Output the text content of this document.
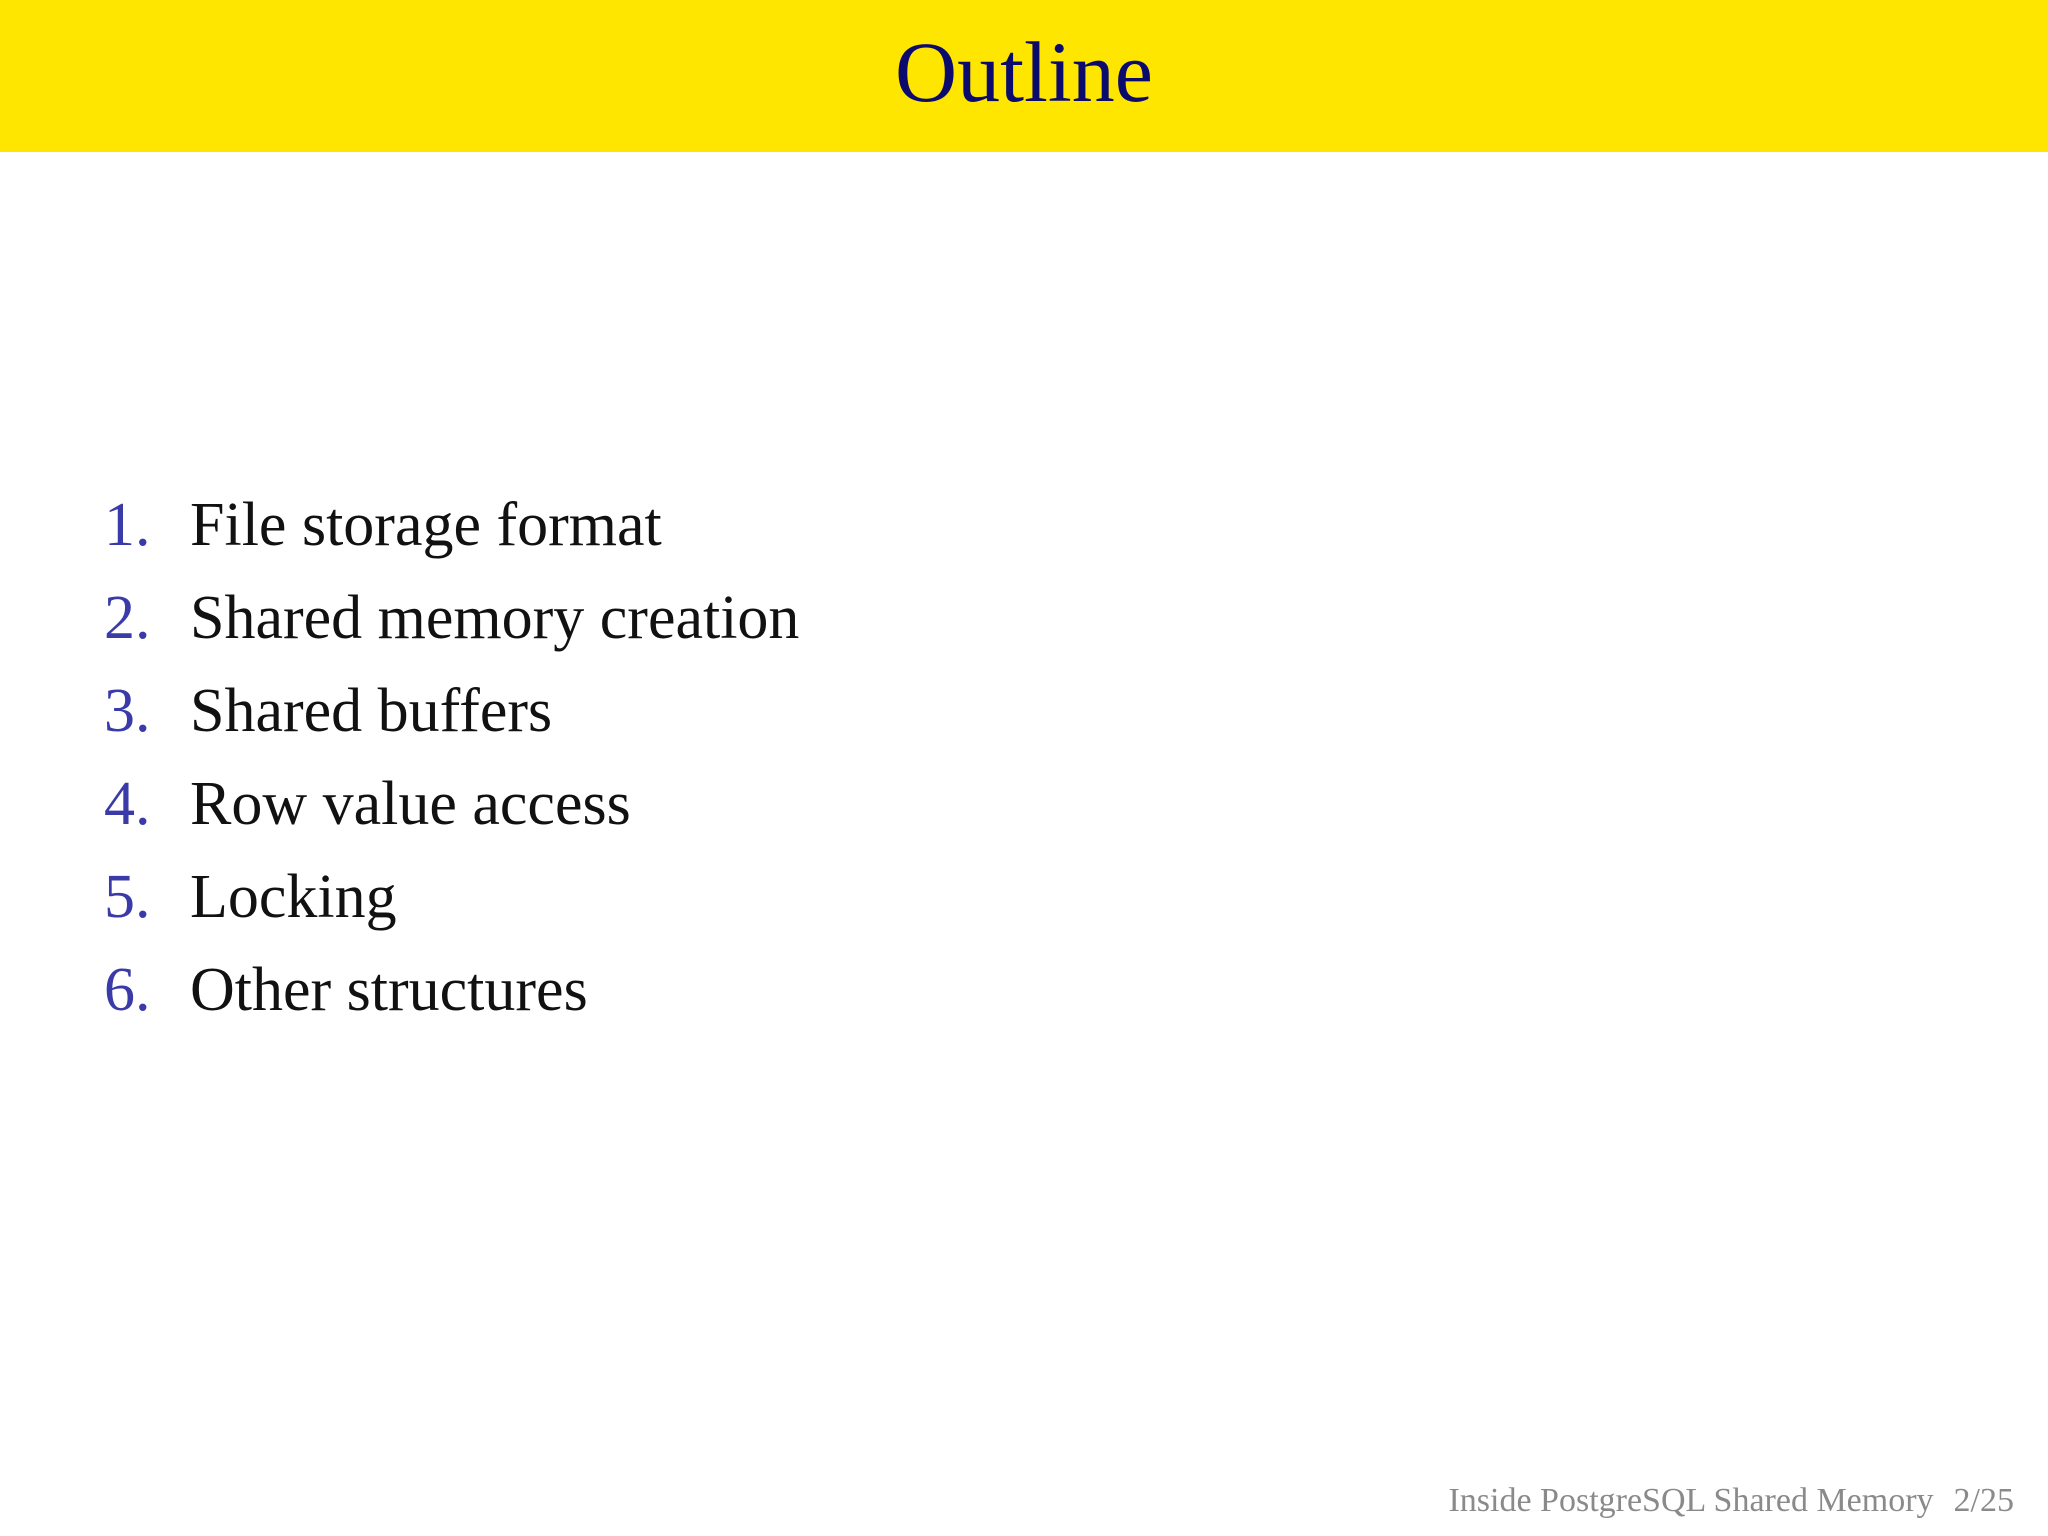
Outline
1. File storage format
2. Shared memory creation
3. Shared buffers
4. Row value access
5. Locking
6. Other structures
Inside PostgreSQL Shared Memory 2/25
